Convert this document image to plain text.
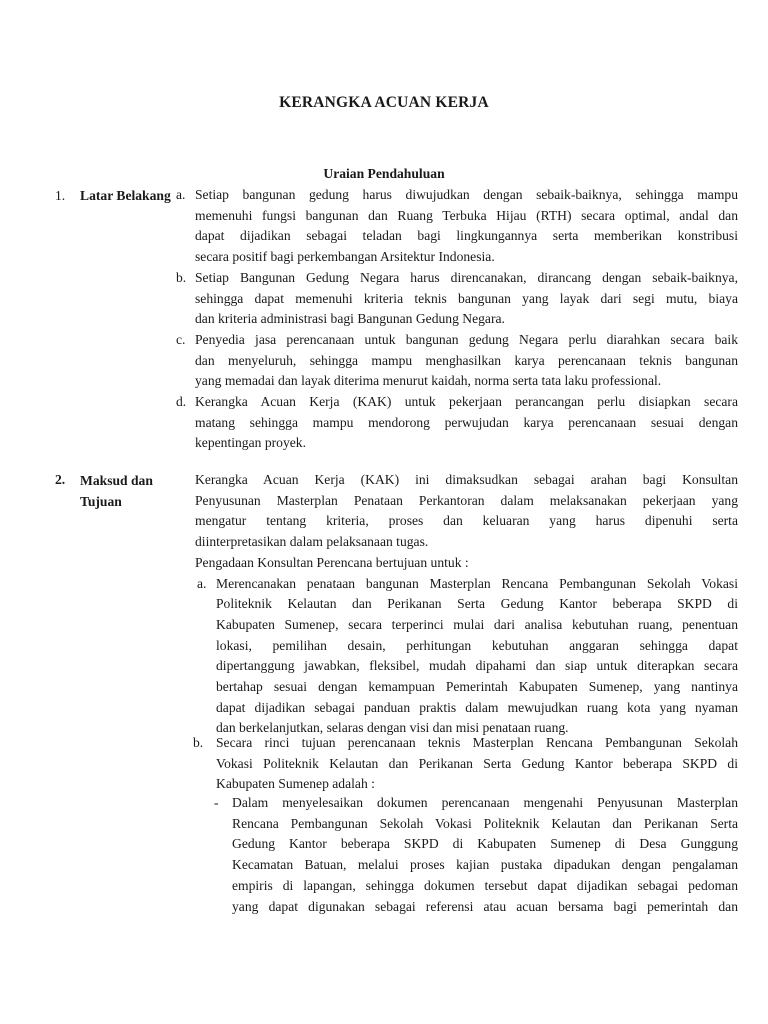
KERANGKA ACUAN KERJA
Uraian Pendahuluan
1. Latar Belakang a. Setiap bangunan gedung harus diwujudkan dengan sebaik-baiknya, sehingga mampu
memenuhi fungsi bangunan dan Ruang Terbuka Hijau (RTH) secara optimal, andal dan
dapat dijadikan sebagai teladan bagi lingkungannya serta memberikan konstribusi
secara positif bagi perkembangan Arsitektur Indonesia.
b. Setiap Bangunan Gedung Negara harus direncanakan, dirancang dengan sebaik-baiknya,
sehingga dapat memenuhi kriteria teknis bangunan yang layak dari segi mutu, biaya
dan kriteria administrasi bagi Bangunan Gedung Negara.
c. Penyedia jasa perencanaan untuk bangunan gedung Negara perlu diarahkan secara baik
dan menyeluruh, sehingga mampu menghasilkan karya perencanaan teknis bangunan
yang memadai dan layak diterima menurut kaidah, norma serta tata laku professional.
d. Kerangka Acuan Kerja (KAK) untuk pekerjaan perancangan perlu disiapkan secara
matang sehingga mampu mendorong perwujudan karya perencanaan sesuai dengan
kepentingan proyek.
2. Maksud dan
Tujuan
Kerangka Acuan Kerja (KAK) ini dimaksudkan sebagai arahan bagi Konsultan
Penyusunan Masterplan Penataan Perkantoran dalam melaksanakan pekerjaan yang
mengatur tentang kriteria, proses dan keluaran yang harus dipenuhi serta
diinterpretasikan dalam pelaksanaan tugas.
Pengadaan Konsultan Perencana bertujuan untuk :
a. Merencanakan penataan bangunan Masterplan Rencana Pembangunan Sekolah Vokasi
Politeknik Kelautan dan Perikanan Serta Gedung Kantor beberapa SKPD di
Kabupaten Sumenep, secara terperinci mulai dari analisa kebutuhan ruang, penentuan
lokasi, pemilihan desain, perhitungan kebutuhan anggaran sehingga dapat
dipertanggung jawabkan, fleksibel, mudah dipahami dan siap untuk diterapkan secara
bertahap sesuai dengan kemampuan Pemerintah Kabupaten Sumenep, yang nantinya
dapat dijadikan sebagai panduan praktis dalam mewujudkan ruang kota yang nyaman
dan berkelanjutkan, selaras dengan visi dan misi penataan ruang.
b. Secara rinci tujuan perencanaan teknis Masterplan Rencana Pembangunan Sekolah
Vokasi Politeknik Kelautan dan Perikanan Serta Gedung Kantor beberapa SKPD di
Kabupaten Sumenep adalah :
- Dalam menyelesaikan dokumen perencanaan mengenahi Penyusunan Masterplan
Rencana Pembangunan Sekolah Vokasi Politeknik Kelautan dan Perikanan Serta
Gedung Kantor beberapa SKPD di Kabupaten Sumenep di Desa Gunggung
Kecamatan Batuan, melalui proses kajian pustaka dipadukan dengan pengalaman
empiris di lapangan, sehingga dokumen tersebut dapat dijadikan sebagai pedoman
yang dapat digunakan sebagai referensi atau acuan bersama bagi pemerintah dan
